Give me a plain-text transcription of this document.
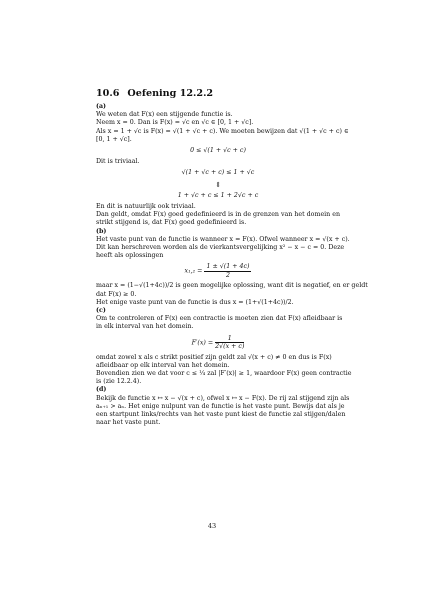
10.6 Oefening 12.2.2
(a)
We weten dat F(x) een stijgende functie is.
Neem x = 0. Dan is F(x) = √c en √c ∈ [0, 1 + √c].
Als x = 1 + √c is F(x) = √(1 + √c + c). We moeten bewijzen dat √(1 + √c + c) ∈
[0, 1 + √c].
0 ≤ √(1 + √c + c)
Dit is triviaal.
√(1 + √c + c) ≤ 1 + √c
⇕
1 + √c + c ≤ 1 + 2√c + c
En dit is natuurlijk ook triviaal.
Dan geldt, omdat F(x) goed gedefinieerd is in de grenzen van het domein en
strikt stijgend is, dat F(x) goed gedefinieerd is.
(b)
Het vaste punt van de functie is wanneer x = F(x). Ofwel wanneer x = √(x + c).
Dit kan herschreven worden als de vierkantsvergelijking x² − x − c = 0. Deze
heeft als oplossingen
$x_1,_2 = \frac{1 \pm √(1 + 4c)}{2}$
maar x = (1−√(1+4c))/2 is geen mogelijke oplossing, want dit is negatief, en er geldt
dat F(x) ≥ 0.
Het enige vaste punt van de functie is dus x = (1+√(1+4c))/2.
(c)
Om te controleren of F(x) een contractie is moeten zien dat F(x) afleidbaar is
in elk interval van het domein.
$F'(x) = \frac{1}{2√(x + c)}$
omdat zowel x als c strikt positief zijn geldt zal √(x + c) ≠ 0 en dus is F(x)
afleidbaar op elk interval van het domein.
Bovendien zien we dat voor c ≤ ¼ zal |F′(x)| ≥ 1, waardoor F(x) geen contractie
is (zie 12.2.4).
(d)
Bekijk de functie x ↦ x − √(x + c), ofwel x ↦ x − F(x). De rij zal stijgend zijn als
aₙ₊₁ > aₙ. Het enige nulpunt van de functie is het vaste punt. Bewijs dat als je
een startpunt links/rechts van het vaste punt kiest de functie zal stijgen/dalen
naar het vaste punt.
43
